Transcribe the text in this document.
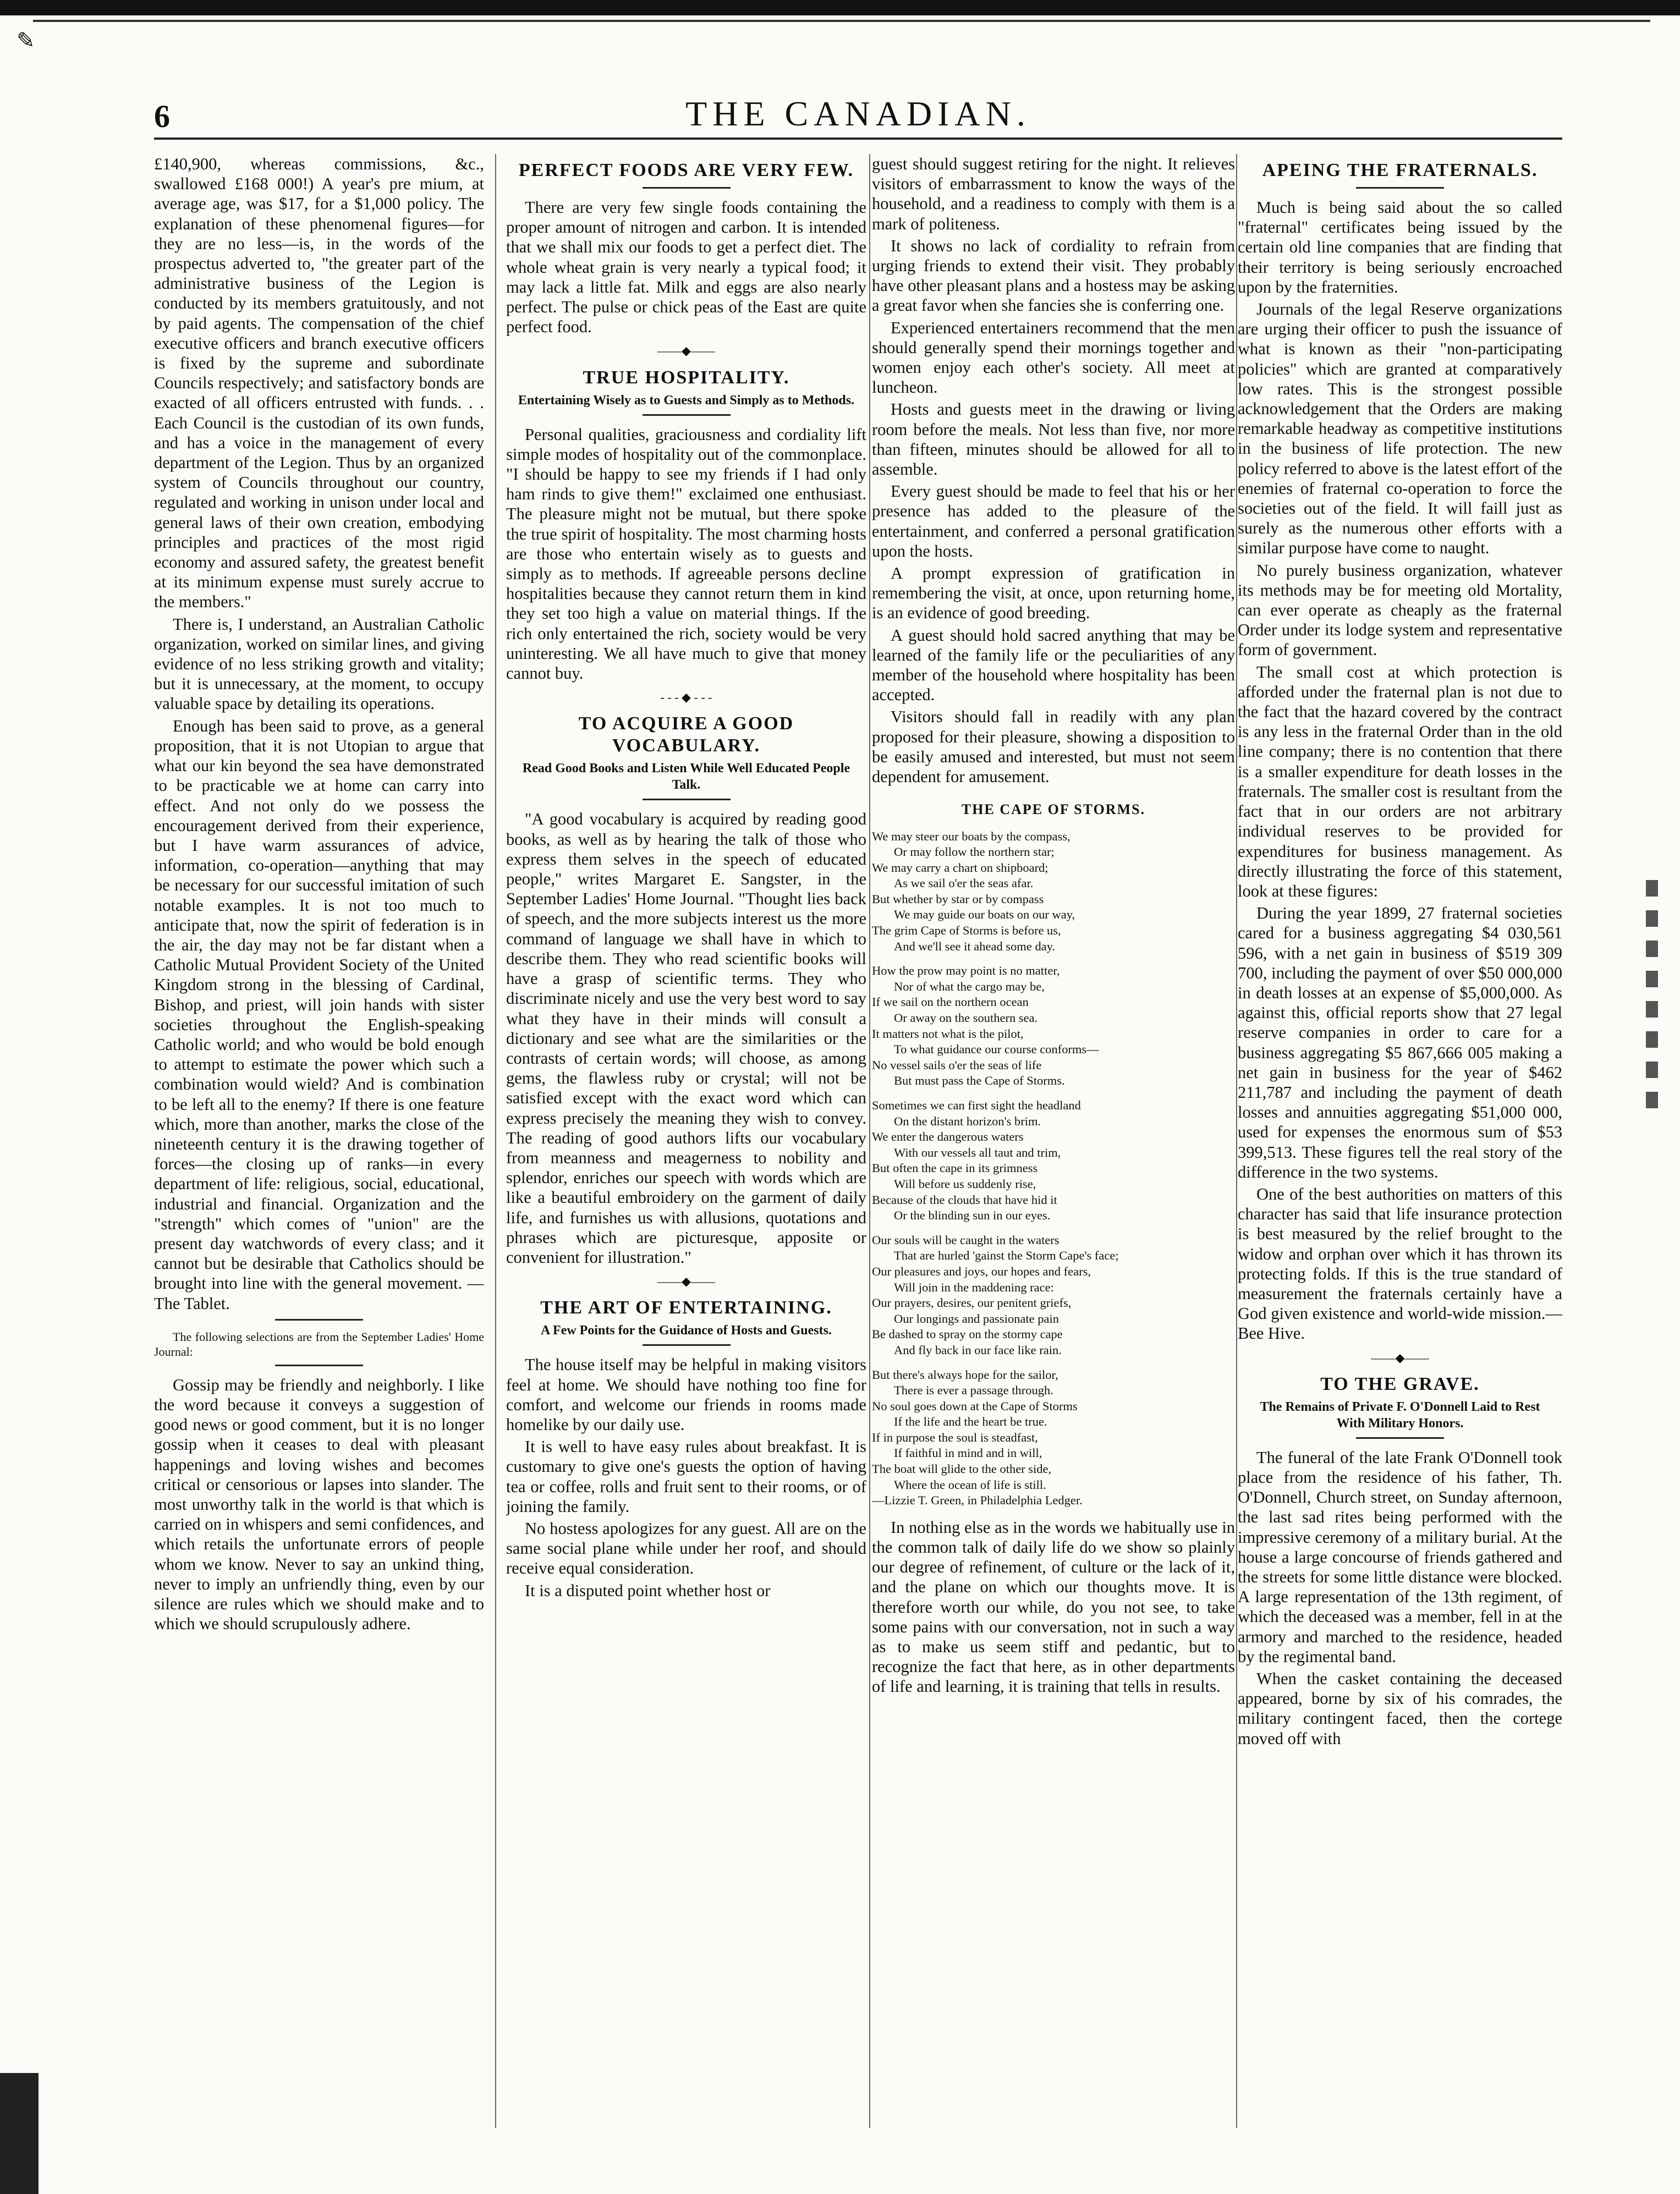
✎
6	THE CANADIAN.

£140,900, whereas commissions, &c., swallowed £168 000!) A year's pre mium, at average age, was $17, for a $1,000 policy. The explanation of these phenomenal figures—for they are no less—is, in the words of the prospectus adverted to, "the greater part of the administrative business of the Legion is conducted by its members gratuitously, and not by paid agents. The compensation of the chief executive officers and branch executive officers is fixed by the supreme and subordinate Councils respectively; and satisfactory bonds are exacted of all officers entrusted with funds. . . Each Council is the custodian of its own funds, and has a voice in the management of every department of the Legion. Thus by an organized system of Councils throughout our country, regulated and working in unison under local and general laws of their own creation, embodying principles and practices of the most rigid economy and assured safety, the greatest benefit at its minimum expense must surely accrue to the members."

There is, I understand, an Australian Catholic organization, worked on similar lines, and giving evidence of no less striking growth and vitality; but it is unnecessary, at the moment, to occupy valuable space by detailing its operations.

Enough has been said to prove, as a general proposition, that it is not Utopian to argue that what our kin beyond the sea have demonstrated to be practicable we at home can carry into effect. And not only do we possess the encouragement derived from their experience, but I have warm assurances of advice, information, co-operation—anything that may be necessary for our successful imitation of such notable examples. It is not too much to anticipate that, now the spirit of federation is in the air, the day may not be far distant when a Catholic Mutual Provident Society of the United Kingdom strong in the blessing of Cardinal, Bishop, and priest, will join hands with sister societies throughout the English-speaking Catholic world; and who would be bold enough to attempt to estimate the power which such a combination would wield? And is combination to be left all to the enemy? If there is one feature which, more than another, marks the close of the nineteenth century it is the drawing together of forces—the closing up of ranks—in every department of life: religious, social, educational, industrial and financial. Organization and the "strength" which comes of "union" are the present day watchwords of every class; and it cannot but be desirable that Catholics should be brought into line with the general movement. —The Tablet.

The following selections are from the September Ladies' Home Journal:

Gossip may be friendly and neighborly. I like the word because it conveys a suggestion of good news or good comment, but it is no longer gossip when it ceases to deal with pleasant happenings and loving wishes and becomes critical or censorious or lapses into slander. The most unworthy talk in the world is that which is carried on in whispers and semi confidences, and which retails the unfortunate errors of people whom we know. Never to say an unkind thing, never to imply an unfriendly thing, even by our silence are rules which we should make and to which we should scrupulously adhere.

PERFECT FOODS ARE VERY FEW.

There are very few single foods containing the proper amount of nitrogen and carbon. It is intended that we shall mix our foods to get a perfect diet. The whole wheat grain is very nearly a typical food; it may lack a little fat. Milk and eggs are also nearly perfect. The pulse or chick peas of the East are quite perfect food.

——◆——
TRUE HOSPITALITY.
Entertaining Wisely as to Guests and Simply as to Methods.

Personal qualities, graciousness and cordiality lift simple modes of hospitality out of the commonplace. "I should be happy to see my friends if I had only ham rinds to give them!" exclaimed one enthusiast. The pleasure might not be mutual, but there spoke the true spirit of hospitality. The most charming hosts are those who entertain wisely as to guests and simply as to methods. If agreeable persons decline hospitalities because they cannot return them in kind they set too high a value on material things. If the rich only entertained the rich, society would be very uninteresting. We all have much to give that money cannot buy.

- - - ◆ - - -
TO ACQUIRE A GOOD VOCABULARY.
Read Good Books and Listen While Well Educated People Talk.

"A good vocabulary is acquired by reading good books, as well as by hearing the talk of those who express them selves in the speech of educated people," writes Margaret E. Sangster, in the September Ladies' Home Journal. "Thought lies back of speech, and the more subjects interest us the more command of language we shall have in which to describe them. They who read scientific books will have a grasp of scientific terms. They who discriminate nicely and use the very best word to say what they have in their minds will consult a dictionary and see what are the similarities or the contrasts of certain words; will choose, as among gems, the flawless ruby or crystal; will not be satisfied except with the exact word which can express precisely the meaning they wish to convey. The reading of good authors lifts our vocabulary from meanness and meagerness to nobility and splendor, enriches our speech with words which are like a beautiful embroidery on the garment of daily life, and furnishes us with allusions, quotations and phrases which are picturesque, apposite or convenient for illustration."

——◆——
THE ART OF ENTERTAINING.
A Few Points for the Guidance of Hosts and Guests.

The house itself may be helpful in making visitors feel at home. We should have nothing too fine for comfort, and welcome our friends in rooms made homelike by our daily use.

It is well to have easy rules about breakfast. It is customary to give one's guests the option of having tea or coffee, rolls and fruit sent to their rooms, or of joining the family.

No hostess apologizes for any guest. All are on the same social plane while under her roof, and should receive equal consideration.

It is a disputed point whether host or

guest should suggest retiring for the night. It relieves visitors of embarrassment to know the ways of the household, and a readiness to comply with them is a mark of politeness.

It shows no lack of cordiality to refrain from urging friends to extend their visit. They probably have other pleasant plans and a hostess may be asking a great favor when she fancies she is conferring one.

Experienced entertainers recommend that the men should generally spend their mornings together and women enjoy each other's society. All meet at luncheon.

Hosts and guests meet in the drawing or living room before the meals. Not less than five, nor more than fifteen, minutes should be allowed for all to assemble.

Every guest should be made to feel that his or her presence has added to the pleasure of the entertainment, and conferred a personal gratification upon the hosts.

A prompt expression of gratification in remembering the visit, at once, upon returning home, is an evidence of good breeding.

A guest should hold sacred anything that may be learned of the family life or the peculiarities of any member of the household where hospitality has been accepted.

Visitors should fall in readily with any plan proposed for their pleasure, showing a disposition to be easily amused and interested, but must not seem dependent for amusement.

THE CAPE OF STORMS.
We may steer our boats by the compass,
Or may follow the northern star;
We may carry a chart on shipboard;
As we sail o'er the seas afar.
But whether by star or by compass
We may guide our boats on our way,
The grim Cape of Storms is before us,
And we'll see it ahead some day.
How the prow may point is no matter,
Nor of what the cargo may be,
If we sail on the northern ocean
Or away on the southern sea.
It matters not what is the pilot,
To what guidance our course conforms—
No vessel sails o'er the seas of life
But must pass the Cape of Storms.
Sometimes we can first sight the headland
On the distant horizon's brim.
We enter the dangerous waters
With our vessels all taut and trim,
But often the cape in its grimness
Will before us suddenly rise,
Because of the clouds that have hid it
Or the blinding sun in our eyes.
Our souls will be caught in the waters
That are hurled 'gainst the Storm Cape's face;
Our pleasures and joys, our hopes and fears,
Will join in the maddening race:
Our prayers, desires, our penitent griefs,
Our longings and passionate pain
Be dashed to spray on the stormy cape
And fly back in our face like rain.
But there's always hope for the sailor,
There is ever a passage through.
No soul goes down at the Cape of Storms
If the life and the heart be true.
If in purpose the soul is steadfast,
If faithful in mind and in will,
The boat will glide to the other side,
Where the ocean of life is still.
—Lizzie T. Green, in Philadelphia Ledger.

In nothing else as in the words we habitually use in the common talk of daily life do we show so plainly our degree of refinement, of culture or the lack of it, and the plane on which our thoughts move. It is therefore worth our while, do you not see, to take some pains with our conversation, not in such a way as to make us seem stiff and pedantic, but to recognize the fact that here, as in other departments of life and learning, it is training that tells in results.

APEING THE FRATERNALS.

Much is being said about the so called "fraternal" certificates being issued by the certain old line companies that are finding that their territory is being seriously encroached upon by the fraternities.

Journals of the legal Reserve organizations are urging their officer to push the issuance of what is known as their "non-participating policies" which are granted at comparatively low rates. This is the strongest possible acknowledgement that the Orders are making remarkable headway as competitive institutions in the business of life protection. The new policy referred to above is the latest effort of the enemies of fraternal co-operation to force the societies out of the field. It will faill just as surely as the numerous other efforts with a similar purpose have come to naught.

No purely business organization, whatever its methods may be for meeting old Mortality, can ever operate as cheaply as the fraternal Order under its lodge system and representative form of government.

The small cost at which protection is afforded under the fraternal plan is not due to the fact that the hazard covered by the contract is any less in the fraternal Order than in the old line company; there is no contention that there is a smaller expenditure for death losses in the fraternals. The smaller cost is resultant from the fact that in our orders are not arbitrary individual reserves to be provided for expenditures for business management. As directly illustrating the force of this statement, look at these figures:

During the year 1899, 27 fraternal societies cared for a business aggregating $4 030,561 596, with a net gain in business of $519 309 700, including the payment of over $50 000,000 in death losses at an expense of $5,000,000. As against this, official reports show that 27 legal reserve companies in order to care for a business aggregating $5 867,666 005 making a net gain in business for the year of $462 211,787 and including the payment of death losses and annuities aggregating $51,000 000, used for expenses the enormous sum of $53 399,513. These figures tell the real story of the difference in the two systems.

One of the best authorities on matters of this character has said that life insurance protection is best measured by the relief brought to the widow and orphan over which it has thrown its protecting folds. If this is the true standard of measurement the fraternals certainly have a God given existence and world-wide mission.—Bee Hive.

——◆——
TO THE GRAVE.
The Remains of Private F. O'Donnell Laid to Rest With Military Honors.

The funeral of the late Frank O'Donnell took place from the residence of his father, Th. O'Donnell, Church street, on Sunday afternoon, the last sad rites being performed with the impressive ceremony of a military burial. At the house a large concourse of friends gathered and the streets for some little distance were blocked. A large representation of the 13th regiment, of which the deceased was a member, fell in at the armory and marched to the residence, headed by the regimental band.

When the casket containing the deceased appeared, borne by six of his comrades, the military contingent faced, then the cortege moved off with
